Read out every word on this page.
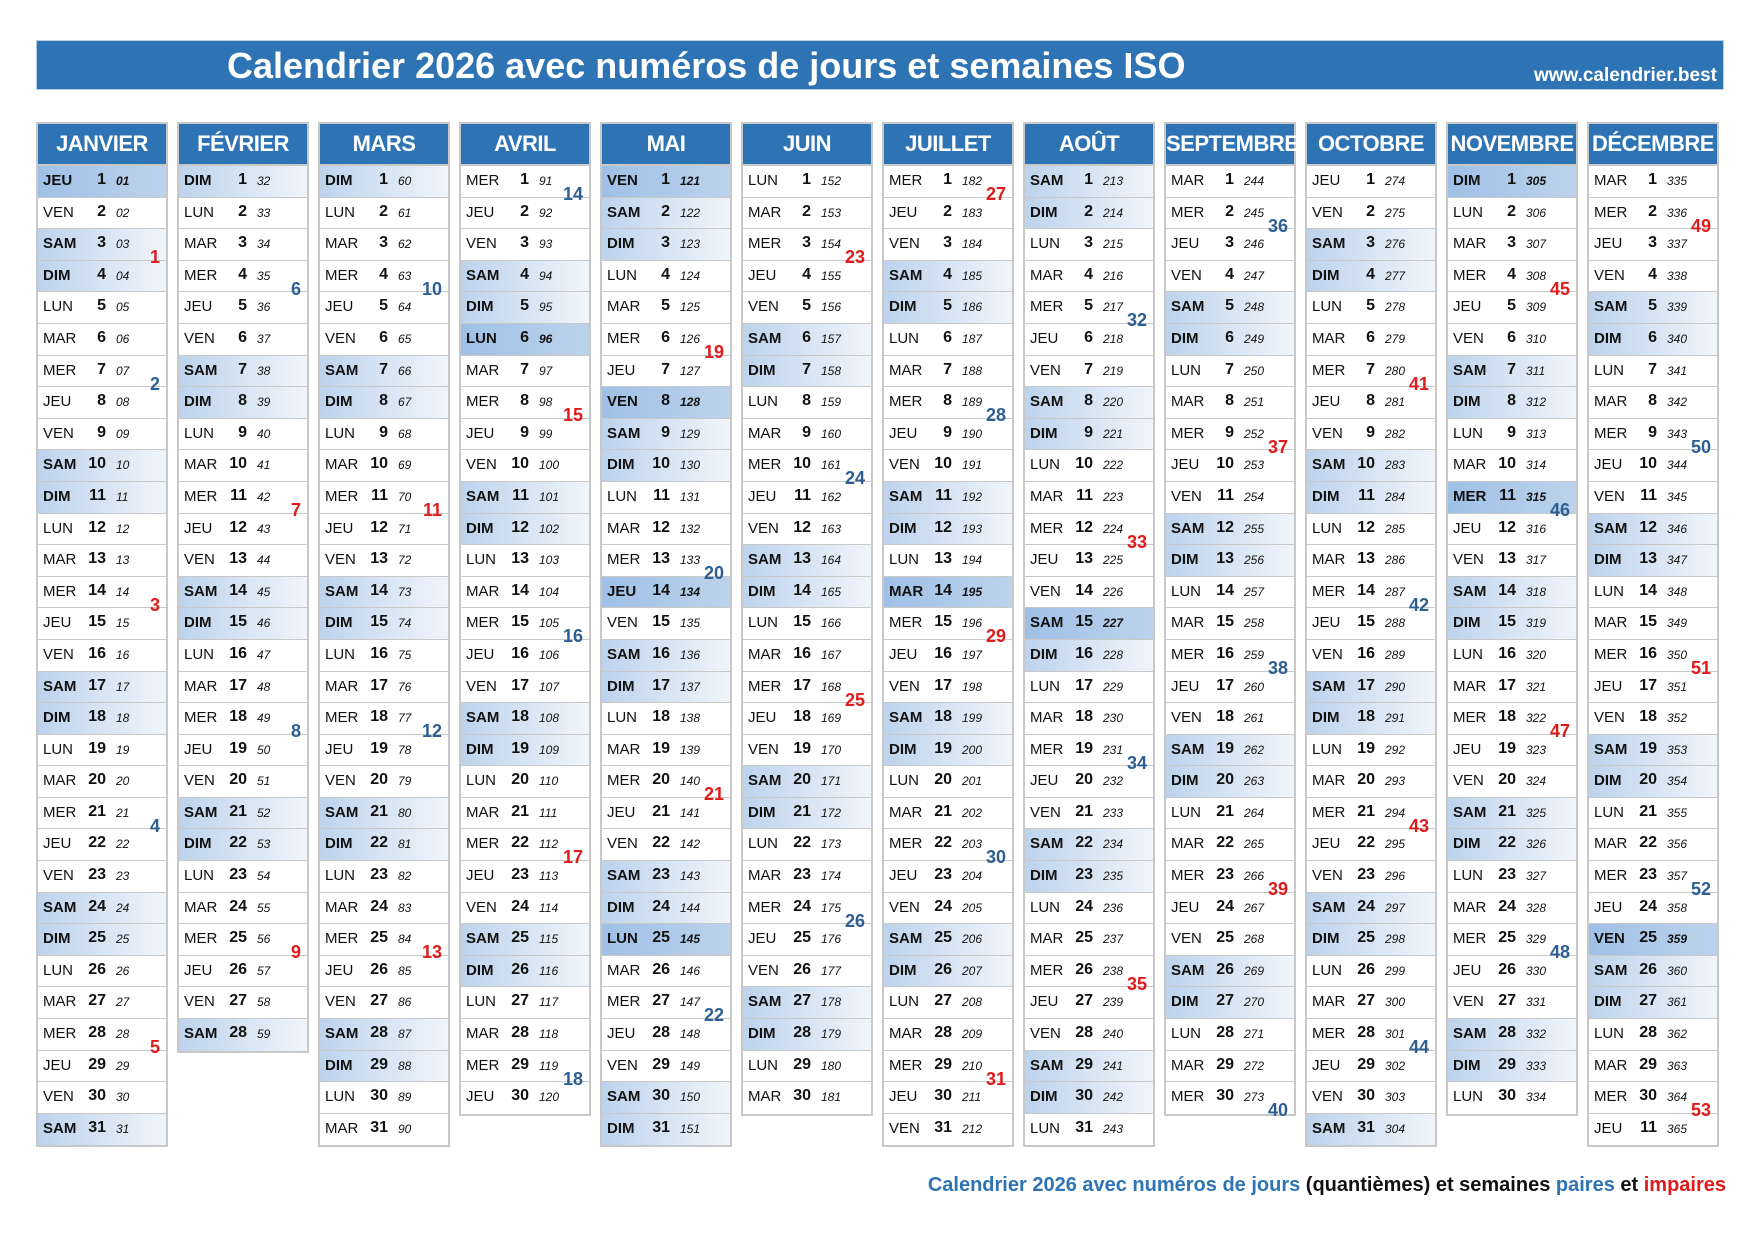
Calendrier 2026 avec numéros de jours et semaines ISO	www.calendrier.best
JANVIER
JEU	1 01
VEN	2 02
SAM	3 03
1
DIM	4 04
LUN	5 05
MAR	6 06
MER	7 07
2
JEU	8 08
VEN	9 09
SAM 10 10
DIM	11 11
LUN 12 12
MAR 13 13
MER 14 14
3
JEU	15 15
VEN 16 16
SAM 17 17
DIM	18 18
LUN 19 19
MAR 20 20
MER 21 21
4
JEU	22 22
VEN 23 23
SAM 24 24
DIM	25 25
LUN 26 26
MAR 27 27
MER 28 28
5
JEU	29 29
VEN 30 30
SAM 31 31
FÉVRIER
DIM	1 32
LUN	2 33
MAR	3 34
MER	4 35
6
JEU	5 36
VEN	6 37
SAM	7 38
DIM	8 39
LUN	9 40
MAR 10 41
MER 11 42
7
JEU	12 43
VEN 13 44
SAM 14 45
DIM	15 46
LUN 16 47
MAR 17 48
MER 18 49
8
JEU	19 50
VEN 20 51
SAM 21 52
DIM	22 53
LUN 23 54
MAR 24 55
MER 25 56
9
JEU	26 57
VEN 27 58
SAM 28 59
MARS
DIM	1 60
LUN	2 61
MAR	3 62
MER	4 63
10
JEU	5 64
VEN	6 65
SAM	7 66
DIM	8 67
LUN	9 68
MAR 10 69
MER 11 70
11
JEU	12 71
VEN 13 72
SAM 14 73
DIM	15 74
LUN 16 75
MAR 17 76
MER 18 77
12
JEU	19 78
VEN 20 79
SAM 21 80
DIM	22 81
LUN 23 82
MAR 24 83
MER 25 84
13
JEU	26 85
VEN 27 86
SAM 28 87
DIM	29 88
LUN 30 89
MAR 31 90
AVRIL
MER	1 91
14
JEU	2 92
VEN	3 93
SAM	4 94
DIM	5 95
LUN	6 96
MAR	7 97
MER	8 98
15
JEU	9 99
VEN 10 100
SAM 11 101
DIM	12 102
LUN 13 103
MAR 14 104
MER 15 105
16
JEU	16 106
VEN 17 107
SAM 18 108
DIM	19 109
LUN 20 110
MAR 21 111
MER 22 112
17
JEU	23 113
VEN 24 114
SAM 25 115
DIM	26 116
LUN 27 117
MAR 28 118
MER 29 119
18
JEU	30 120
MAI
VEN	1 121
SAM	2 122
DIM	3 123
LUN	4 124
MAR	5 125
MER	6 126
19
JEU	7 127
VEN	8 128
SAM	9 129
DIM	10 130
LUN	11 131
MAR 12 132
MER 13 133
20
JEU	14 134
VEN 15 135
SAM 16 136
DIM	17 137
LUN 18 138
MAR 19 139
MER 20 140
21
JEU	21 141
VEN 22 142
SAM 23 143
DIM	24 144
LUN 25 145
MAR 26 146
MER 27 147
22
JEU	28 148
VEN 29 149
SAM 30 150
DIM	31 151
JUIN
LUN	1 152
MAR	2 153
MER	3 154
23
JEU	4 155
VEN	5 156
SAM	6 157
DIM	7 158
LUN	8 159
MAR	9 160
MER 10 161
24
JEU	11 162
VEN 12 163
SAM 13 164
DIM	14 165
LUN 15 166
MAR 16 167
MER 17 168
25
JEU	18 169
VEN 19 170
SAM 20 171
DIM	21 172
LUN 22 173
MAR 23 174
MER 24 175
26
JEU	25 176
VEN 26 177
SAM 27 178
DIM	28 179
LUN 29 180
MAR 30 181
JUILLET
MER	1 182
27
JEU	2 183
VEN	3 184
SAM	4 185
DIM	5 186
LUN	6 187
MAR	7 188
MER	8 189
28
JEU	9 190
VEN 10 191
SAM 11 192
DIM	12 193
LUN 13 194
MAR 14 195
MER 15 196
29
JEU	16 197
VEN 17 198
SAM 18 199
DIM	19 200
LUN 20 201
MAR 21 202
MER 22 203
30
JEU	23 204
VEN 24 205
SAM 25 206
DIM	26 207
LUN 27 208
MAR 28 209
MER 29 210
31
JEU	30 211
VEN 31 212
AOÛT
SAM	1 213
DIM	2 214
LUN	3 215
MAR	4 216
MER	5 217
32
JEU	6 218
VEN	7 219
SAM	8 220
DIM	9 221
LUN 10 222
MAR 11 223
MER 12 224
33
JEU	13 225
VEN 14 226
SAM 15 227
DIM	16 228
LUN 17 229
MAR 18 230
MER 19 231
34
JEU	20 232
VEN 21 233
SAM 22 234
DIM	23 235
LUN 24 236
MAR 25 237
MER 26 238
35
JEU	27 239
VEN 28 240
SAM 29 241
DIM	30 242
LUN 31 243
SEPTEMBRE
MAR	1 244
MER	2 245
36
JEU	3 246
VEN	4 247
SAM	5 248
DIM	6 249
LUN	7 250
MAR	8 251
MER	9 252
37
JEU	10 253
VEN 11 254
SAM 12 255
DIM	13 256
LUN 14 257
MAR 15 258
MER 16 259
38
JEU	17 260
VEN 18 261
SAM 19 262
DIM	20 263
LUN 21 264
MAR 22 265
MER 23 266
39
JEU	24 267
VEN 25 268
SAM 26 269
DIM	27 270
LUN 28 271
MAR 29 272
MER 30 273
40
OCTOBRE
JEU	1 274
VEN	2 275
SAM	3 276
DIM	4 277
LUN	5 278
MAR	6 279
MER	7 280
41
JEU	8 281
VEN	9 282
SAM 10 283
DIM	11 284
LUN 12 285
MAR 13 286
MER 14 287
42
JEU	15 288
VEN 16 289
SAM 17 290
DIM	18 291
LUN 19 292
MAR 20 293
MER 21 294
43
JEU	22 295
VEN 23 296
SAM 24 297
DIM	25 298
LUN 26 299
MAR 27 300
MER 28 301
44
JEU	29 302
VEN 30 303
SAM 31 304
NOVEMBRE
DIM	1 305
LUN	2 306
MAR	3 307
MER	4 308
45
JEU	5 309
VEN	6 310
SAM	7 311
DIM	8 312
LUN	9 313
MAR 10 314
MER 11 315
46
JEU	12 316
VEN 13 317
SAM 14 318
DIM	15 319
LUN 16 320
MAR 17 321
MER 18 322
47
JEU	19 323
VEN 20 324
SAM 21 325
DIM	22 326
LUN 23 327
MAR 24 328
MER 25 329
48
JEU	26 330
VEN 27 331
SAM 28 332
DIM	29 333
LUN 30 334
DÉCEMBRE
MAR	1 335
MER	2 336
49
JEU	3 337
VEN	4 338
SAM	5 339
DIM	6 340
LUN	7 341
MAR	8 342
MER	9 343
50
JEU	10 344
VEN 11 345
SAM 12 346
DIM	13 347
LUN 14 348
MAR 15 349
MER 16 350
51
JEU	17 351
VEN 18 352
SAM 19 353
DIM	20 354
LUN 21 355
MAR 22 356
MER 23 357
52
JEU	24 358
VEN 25 359
SAM 26 360
DIM	27 361
LUN 28 362
MAR 29 363
MER 30 364
53
JEU	11 365
Calendrier 2026 avec numéros de jours (quantièmes) et semaines paires et impaires
